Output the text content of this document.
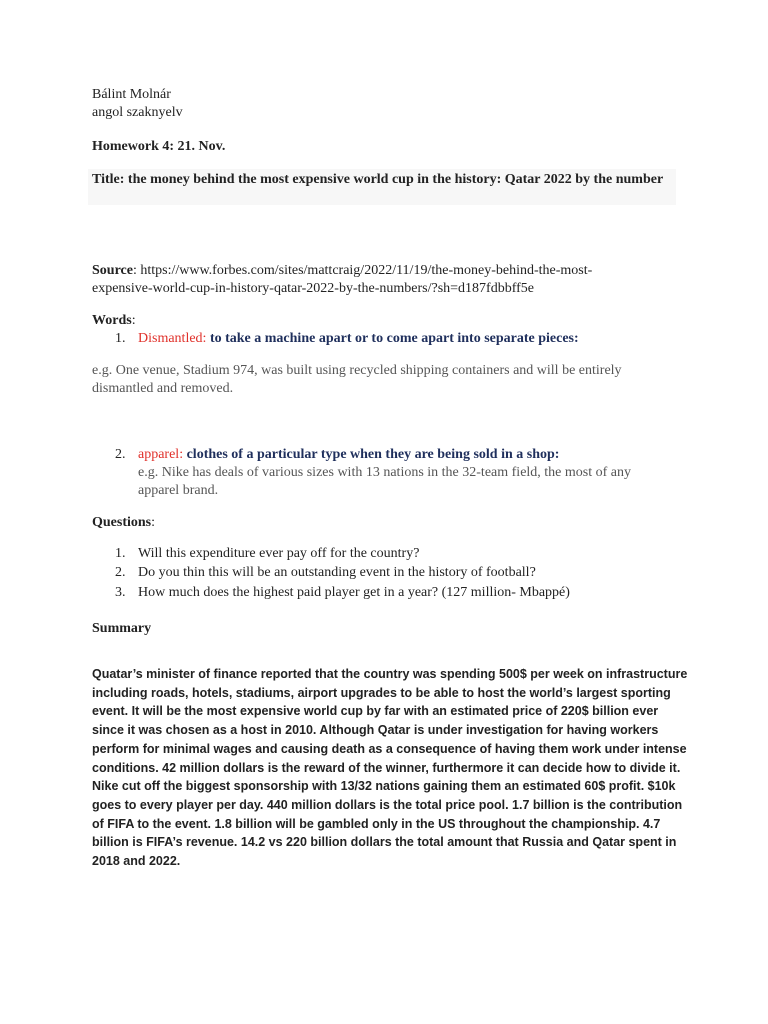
Bálint Molnár
angol szaknyelv
Homework 4: 21. Nov.
Title: the money behind the most expensive world cup in the history: Qatar 2022 by the number
Source: https://www.forbes.com/sites/mattcraig/2022/11/19/the-money-behind-the-most-
expensive-world-cup-in-history-qatar-2022-by-the-numbers/?sh=d187fdbbff5e
Words:
1. Dismantled: to take a machine apart or to come apart into separate pieces:
e.g. One venue, Stadium 974, was built using recycled shipping containers and will be entirely dismantled and removed.
2. apparel: clothes of a particular type when they are being sold in a shop:
e.g. Nike has deals of various sizes with 13 nations in the 32-team field, the most of any apparel brand.
Questions:
1. Will this expenditure ever pay off for the country?
2. Do you thin this will be an outstanding event in the history of football?
3. How much does the highest paid player get in a year? (127 million- Mbappé)
Summary
Quatar’s minister of finance reported that the country was spending 500$ per week on infrastructure
including roads, hotels, stadiums, airport upgrades to be able to host the world’s largest sporting
event. It will be the most expensive world cup by far with an estimated price of 220$ billion ever
since it was chosen as a host in 2010. Although Qatar is under investigation for having workers
perform for minimal wages and causing death as a consequence of having them work under intense
conditions. 42 million dollars is the reward of the winner, furthermore it can decide how to divide it.
Nike cut off the biggest sponsorship with 13/32 nations gaining them an estimated 60$ profit. $10k
goes to every player per day. 440 million dollars is the total price pool. 1.7 billion is the contribution
of FIFA to the event. 1.8 billion will be gambled only in the US throughout the championship. 4.7
billion is FIFA’s revenue. 14.2 vs 220 billion dollars the total amount that Russia and Qatar spent in
2018 and 2022.
